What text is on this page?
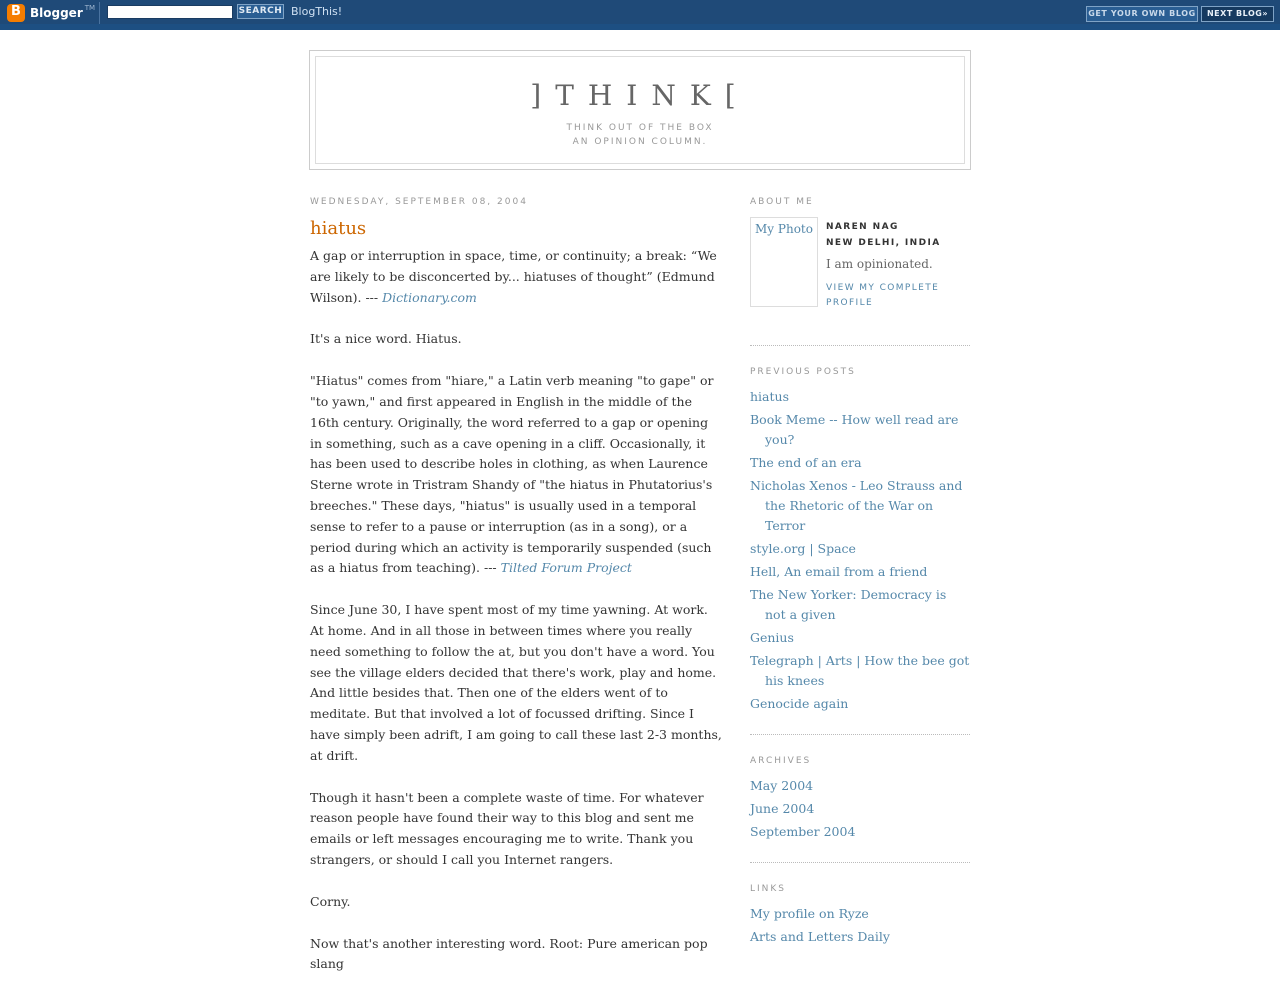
B Blogger TM	SEARCH BlogThis!	GET YOUR OWN BLOG	NEXT BLOG»
]THINK[
THINK OUT OF THE BOX
AN OPINION COLUMN.
WEDNESDAY, SEPTEMBER 08, 2004
hiatus

A gap or interruption in space, time, or continuity; a break: “We are likely to be disconcerted by... hiatuses of thought” (Edmund Wilson). --- Dictionary.com

It's a nice word. Hiatus.

"Hiatus" comes from "hiare," a Latin verb meaning "to gape" or "to yawn," and first appeared in English in the middle of the 16th century. Originally, the word referred to a gap or opening in something, such as a cave opening in a cliff. Occasionally, it has been used to describe holes in clothing, as when Laurence Sterne wrote in Tristram Shandy of "the hiatus in Phutatorius's breeches." These days, "hiatus" is usually used in a temporal sense to refer to a pause or interruption (as in a song), or a period during which an activity is temporarily suspended (such as a hiatus from teaching). --- Tilted Forum Project

Since June 30, I have spent most of my time yawning. At work. At home. And in all those in between times where you really need something to follow the at, but you don't have a word. You see the village elders decided that there's work, play and home. And little besides that. Then one of the elders went of to meditate. But that involved a lot of focussed drifting. Since I have simply been adrift, I am going to call these last 2-3 months, at drift.

Though it hasn't been a complete waste of time. For whatever reason people have found their way to this blog and sent me emails or left messages encouraging me to write. Thank you strangers, or should I call you Internet rangers.

Corny.

Now that's another interesting word. Root: Pure american pop slang

ABOUT ME
My Photo NAREN NAG
NEW DELHI, INDIA
I am opinionated.
VIEW MY COMPLETE PROFILE
PREVIOUS POSTS
hiatus
Book Meme -- How well read are you?
The end of an era
Nicholas Xenos - Leo Strauss and the Rhetoric of the War on Terror
style.org | Space
Hell, An email from a friend
The New Yorker: Democracy is not a given
Genius
Telegraph | Arts | How the bee got his knees
Genocide again
ARCHIVES
May 2004
June 2004
September 2004
LINKS
My profile on Ryze
Arts and Letters Daily
